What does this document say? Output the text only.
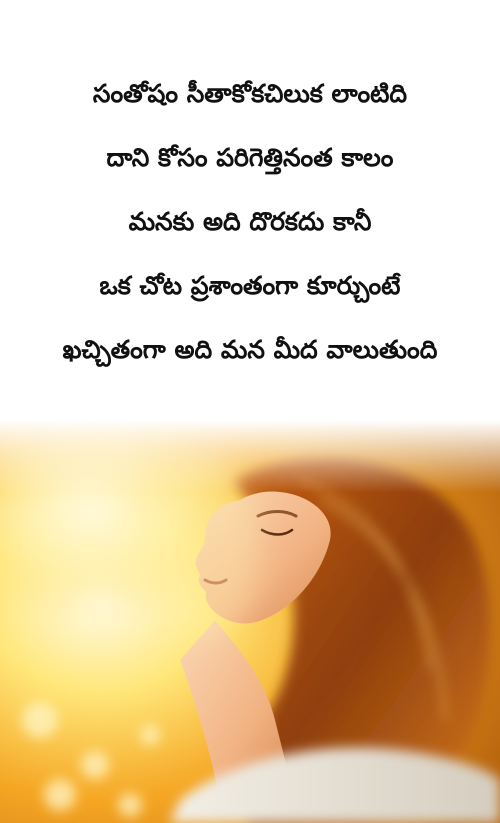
సంతోషం సీతాకోకచిలుక లాంటిది
దాని కోసం పరిగెత్తినంత కాలం
మనకు అది దొరకదు కానీ
ఒక చోట ప్రశాంతంగా కూర్చుంటే
ఖచ్చితంగా అది మన మీద వాలుతుంది
